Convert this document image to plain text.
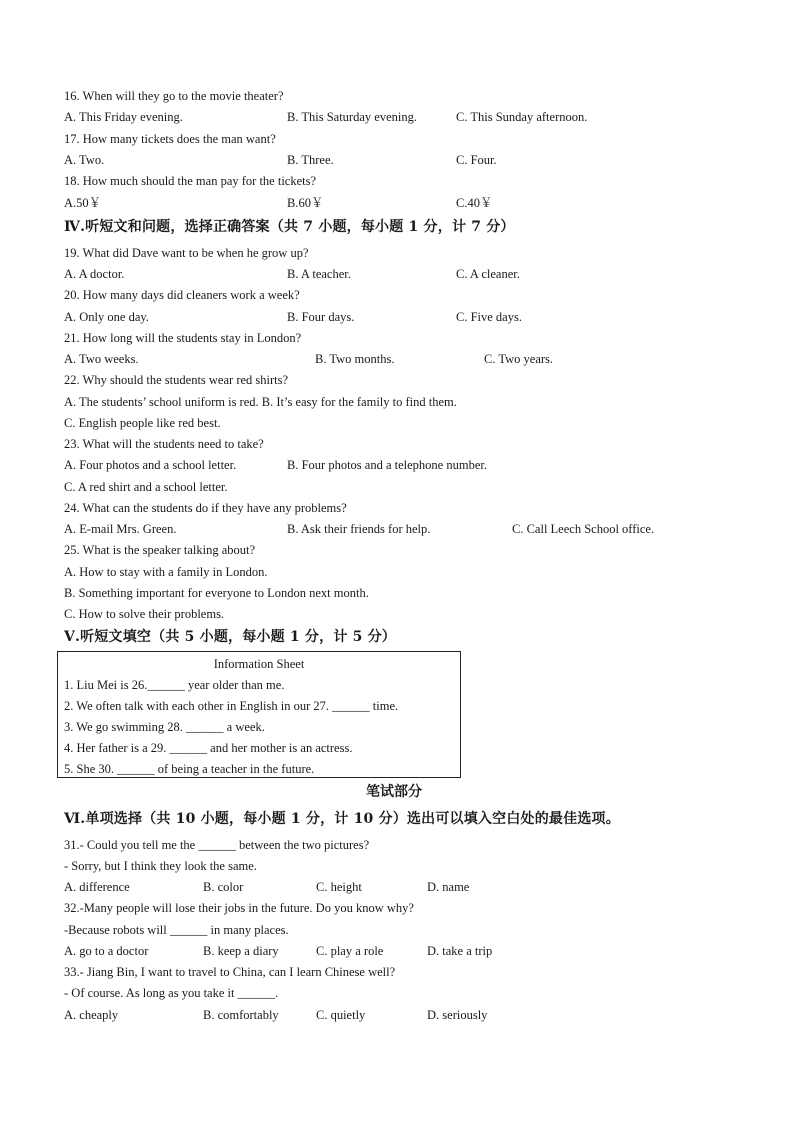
16. When will they go to the movie theater?
A. This Friday evening.	B. This Saturday evening.	C. This Sunday afternoon.
17. How many tickets does the man want?
A. Two.	B. Three.	C. Four.
18. How much should the man pay for the tickets?
A.50￥	B.60￥	C.40￥
Ⅳ.听短文和问题，选择正确答案（共 7 小题，每小题 1 分，计 7 分）
19. What did Dave want to be when he grow up?
A. A doctor.	B. A teacher.	C. A cleaner.
20. How many days did cleaners work a week?
A. Only one day.	B. Four days.	C. Five days.
21. How long will the students stay in London?
A. Two weeks.	B. Two months.	C. Two years.
22. Why should the students wear red shirts?
A. The students’ school uniform is red. B. It’s easy for the family to find them.
C. English people like red best.
23. What will the students need to take?
A. Four photos and a school letter.	B. Four photos and a telephone number.
C. A red shirt and a school letter.
24. What can the students do if they have any problems?
A. E-mail Mrs. Green.	B. Ask their friends for help.	C. Call Leech School office.
25. What is the speaker talking about?
A. How to stay with a family in London.
B. Something important for everyone to London next month.
C. How to solve their problems.
Ⅴ.听短文填空（共 5 小题，每小题 1 分，计 5 分）
Information Sheet
1. Liu Mei is 26.______ year older than me.
2. We often talk with each other in English in our 27. ______ time.
3. We go swimming 28. ______ a week.
4. Her father is a 29. ______ and her mother is an actress.
5. She 30. ______ of being a teacher in the future.
笔试部分
Ⅵ.单项选择（共 10 小题，每小题 1 分，计 10 分）选出可以填入空白处的最佳选项。
31.- Could you tell me the ______ between the two pictures?
- Sorry, but I think they look the same.
A. difference	B. color	C. height	D. name
32.-Many people will lose their jobs in the future. Do you know why?
-Because robots will ______ in many places.
A. go to a doctor	B. keep a diary	C. play a role	D. take a trip
33.- Jiang Bin, I want to travel to China, can I learn Chinese well?
- Of course. As long as you take it ______.
A. cheaply	B. comfortably	C. quietly	D. seriously
